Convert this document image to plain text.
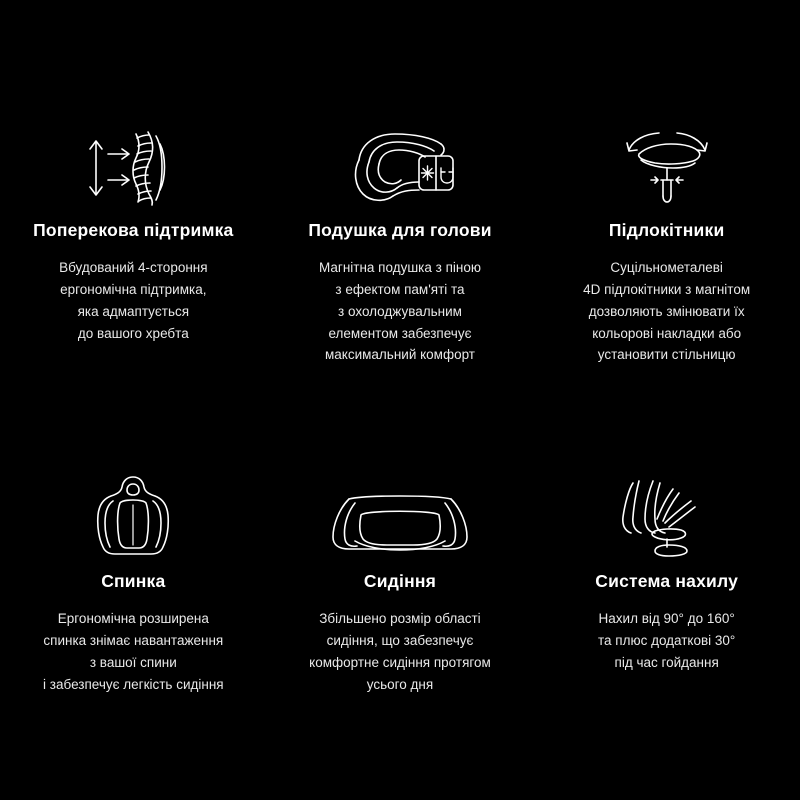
Поперекова підтримка

Вбудований 4-стороння
ергономічна підтримка,
яка адмаптується
до вашого хребта

Подушка для голови

Магнітна подушка з піною
з ефектом пам'яті та
з охолоджувальним
елементом забезпечує
максимальний комфорт

Підлокітники

Суцільнометалеві
4D підлокітники з магнітом
дозволяють змінювати їх
кольорові накладки або
установити стільницю

Спинка

Ергономічна розширена
спинка знімає навантаження
з вашої спини
і забезпечує легкість сидіння

Сидіння

Збільшено розмір області
сидіння, що забезпечує
комфортне сидіння протягом
усього дня

Система нахилу

Нахил від 90° до 160°
та плюс додаткові 30°
під час гойдання
